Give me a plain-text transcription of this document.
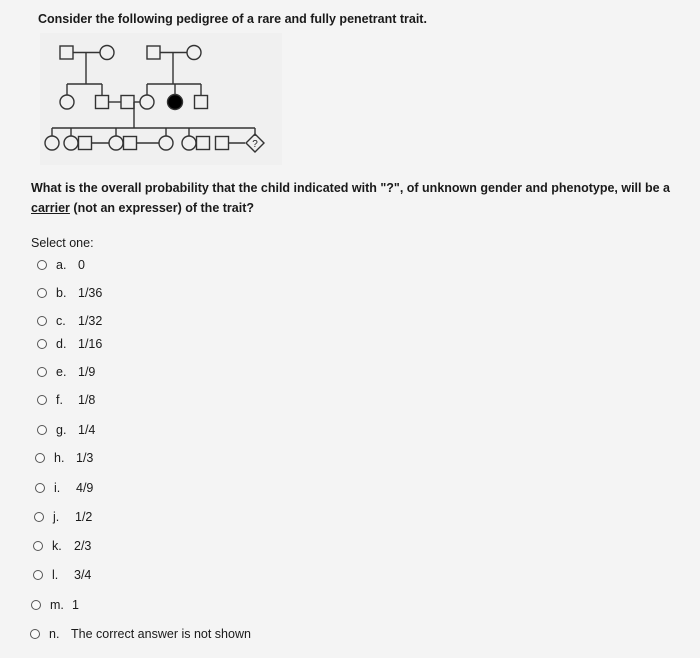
Consider the following pedigree of a rare and fully penetrant trait.
?
What is the overall probability that the child indicated with "?", of unknown gender and phenotype, will be a carrier (not an expresser) of the trait?
Select one:
a. 0
b. 1/36
c. 1/32
d. 1/16
e. 1/9
f.	1/8
g. 1/4
h. 1/3
i.	4/9
j.	1/2
k. 2/3
l.	3/4
m. 1
n. The correct answer is not shown
